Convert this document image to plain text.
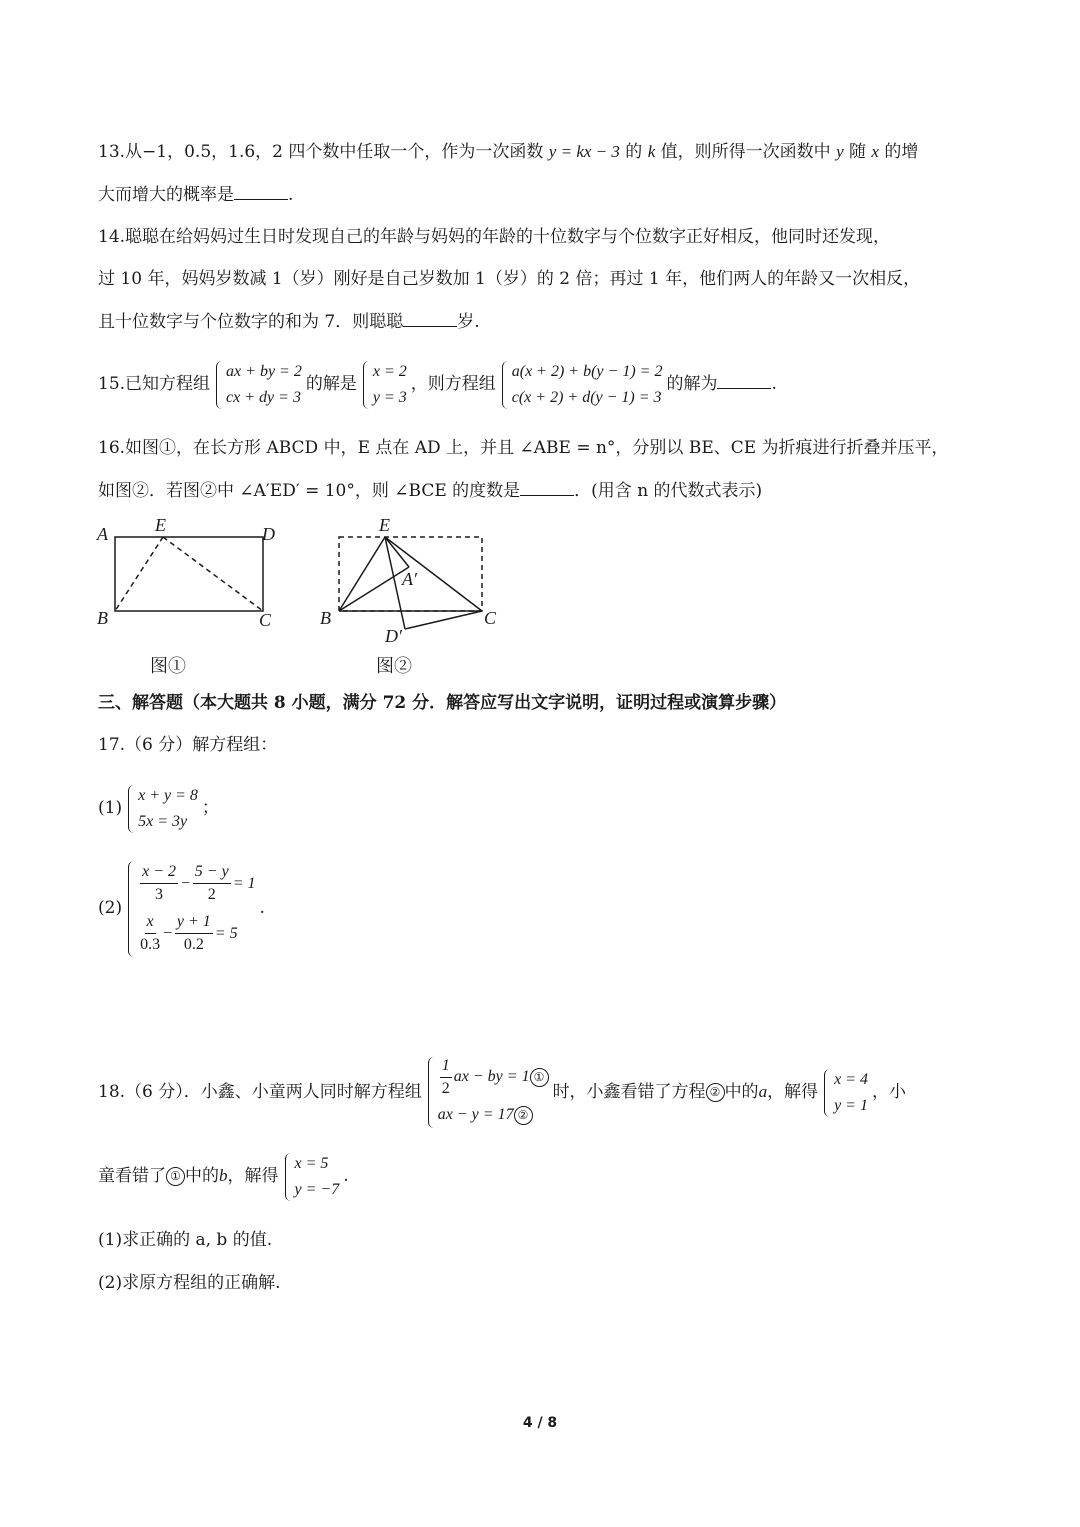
13.从−1，0.5，1.6，2 四个数中任取一个，作为一次函数 y = kx − 3 的 k 值，则所得一次函数中 y 随 x 的增
大而增大的概率是	.
14.聪聪在给妈妈过生日时发现自己的年龄与妈妈的年龄的十位数字与个位数字正好相反，他同时还发现，
过 10 年，妈妈岁数减 1（岁）刚好是自己岁数加 1（岁）的 2 倍；再过 1 年，他们两人的年龄又一次相反，
且十位数字与个位数字的和为 7．则聪聪	岁.
15.已知方程组
ax + by = 2
cx + dy = 3
的解是
x = 2
y = 3
，则方程组
a(x + 2) + b(y − 1) = 2
c(x + 2) + d(y − 1) = 3
的解为	.
16.如图①，在长方形 ABCD 中，E 点在 AD 上，并且 ∠ABE = n°，分别以 BE、CE 为折痕进行折叠并压平，
如图②．若图②中 ∠A′ED′ = 10°，则 ∠BCE 的度数是	．(用含 n 的代数式表示)
A	E	D
B	C
图①
E
A′
B	C
D′
图②
三、解答题（本大题共 8 小题，满分 72 分．解答应写出文字说明，证明过程或演算步骤）
17.（6 分）解方程组：
(1)
x + y = 8
5x = 3y
；
(2)
$\frac{x - 2}{3} - \frac{5 - y}{2} = 1$
$\frac{x}{0.3} - \frac{y + 1}{0.2} = 5$
.
18.（6 分）．小鑫、小童两人同时解方程组 $\frac{1}{2}$ ax − by = 1 ①
ax − y = 17 ②
时，小鑫看错了方程 ② 中的a，解得
x = 4
y = 1
，小
童看错了 ① 中的b，解得
x = 5
y = −7
.
(1)求正确的 a, b 的值.
(2)求原方程组的正确解.
4 / 8
